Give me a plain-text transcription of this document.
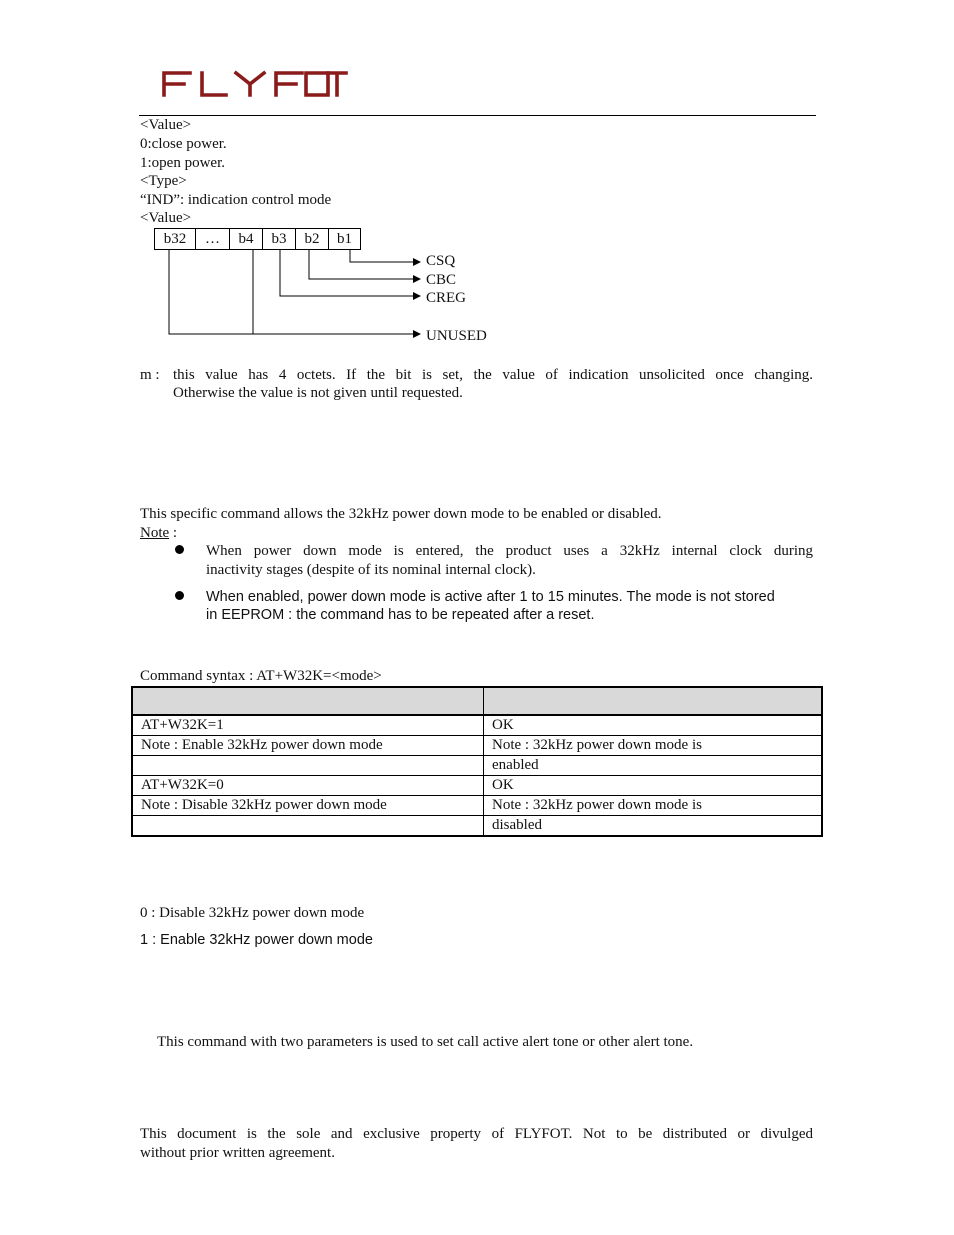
<Value>
0:close power.
1:open power.
<Type>
“IND”: indication control mode
<Value>
b32	…	b4	b3	b2	b1
CSQ
CBC
CREG
UNUSED
m : this value has 4 octets. If the bit is set, the value of indication unsolicited once changing.
Otherwise the value is not given until requested.
This specific command allows the 32kHz power down mode to be enabled or disabled.
Note :
When power down mode is entered, the product uses a 32kHz internal clock during
inactivity stages (despite of its nominal internal clock).
When enabled, power down mode is active after 1 to 15 minutes. The mode is not stored
in EEPROM : the command has to be repeated after a reset.
Command syntax : AT+W32K=<mode>

AT+W32K=1	OK
Note : Enable 32kHz power down mode	Note : 32kHz power down mode is
	enabled
AT+W32K=0	OK
Note : Disable 32kHz power down mode	Note : 32kHz power down mode is
	disabled
0 : Disable 32kHz power down mode
1 : Enable 32kHz power down mode
This command with two parameters is used to set call active alert tone or other alert tone.
This document is the sole and exclusive property of FLYFOT. Not to be distributed or divulged
without prior written agreement.
